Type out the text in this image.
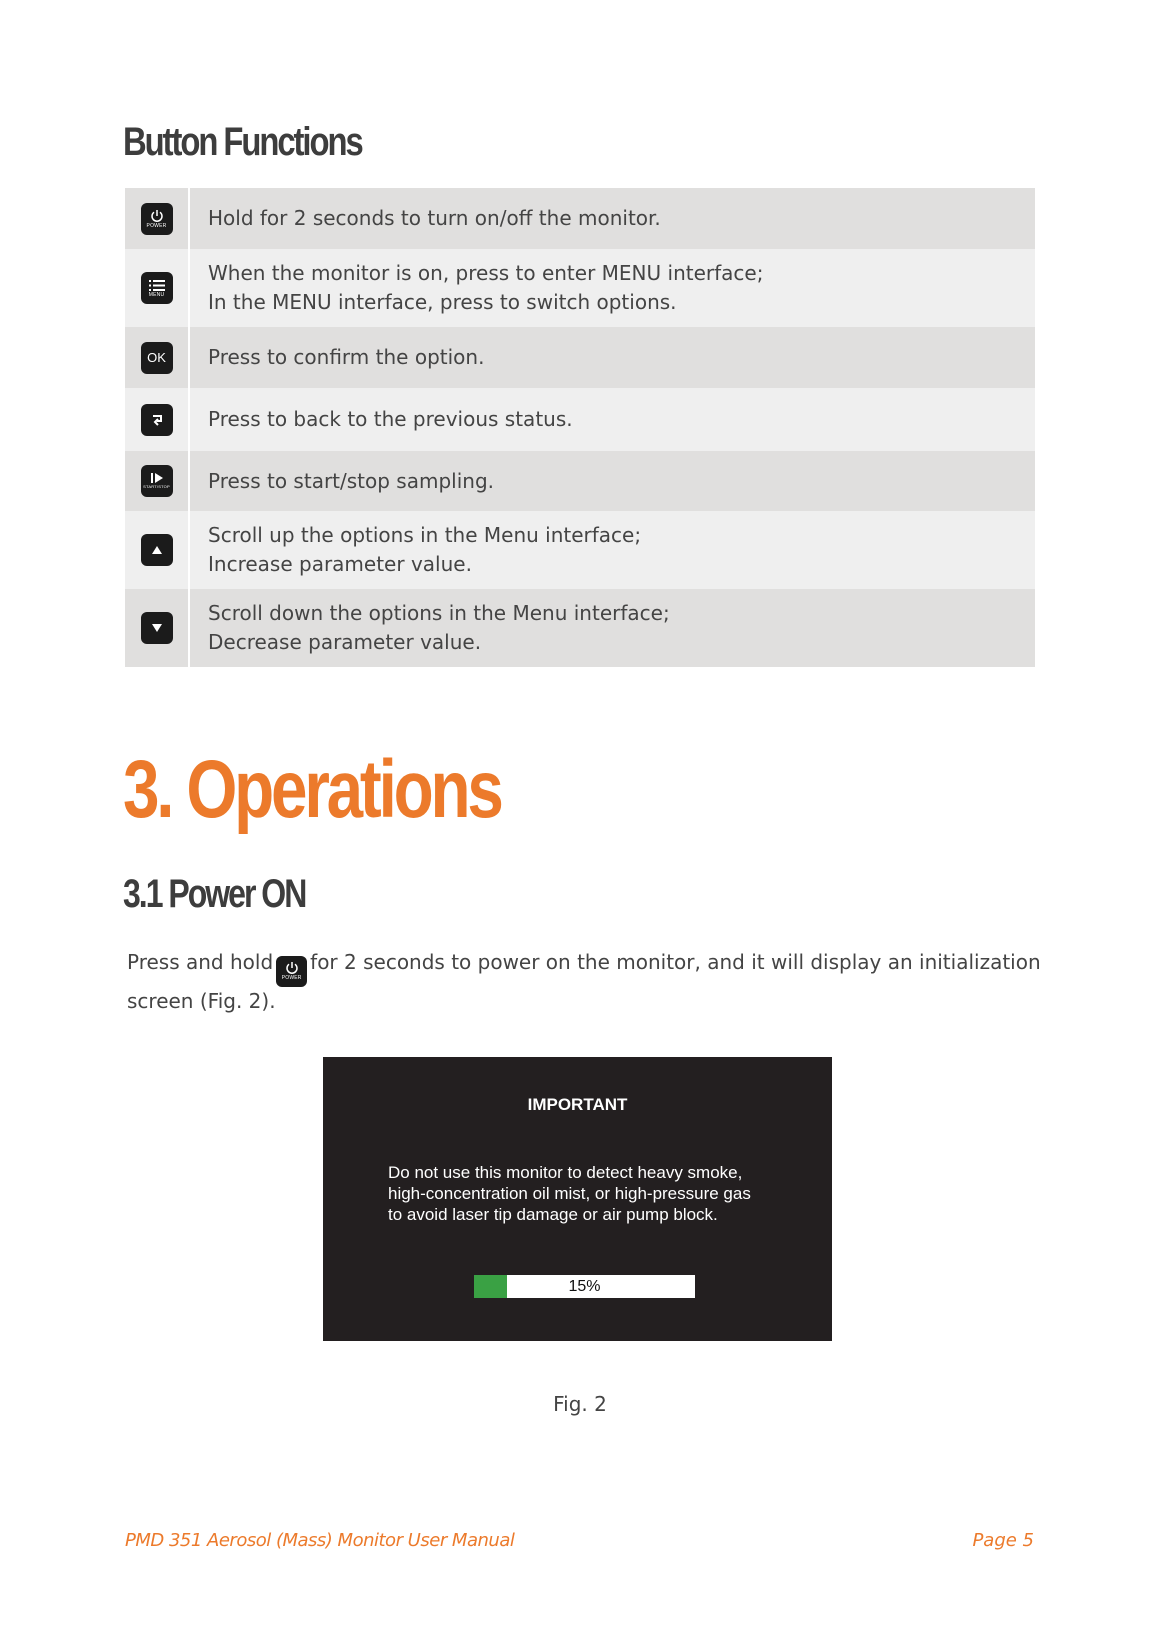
Button Functions
POWER Hold for 2 seconds to turn on/off the monitor.
MENU
When the monitor is on, press to enter MENU interface;
In the MENU interface, press to switch options.
OK Press to confirm the option.
Press to back to the previous status.
START/STOP Press to start/stop sampling.
Scroll up the options in the Menu interface;
Increase parameter value.
Scroll down the options in the Menu interface;
Decrease parameter value.
3. Operations
3.1 Power ON
Press and hold
POWER
for 2 seconds to power on the monitor, and it will display an initialization screen (Fig. 2).
IMPORTANT
Do not use this monitor to detect heavy smoke,
high-concentration oil mist, or high-pressure gas
to avoid laser tip damage or air pump block.
15%
Fig. 2
PMD 351 Aerosol (Mass) Monitor User Manual	Page 5
